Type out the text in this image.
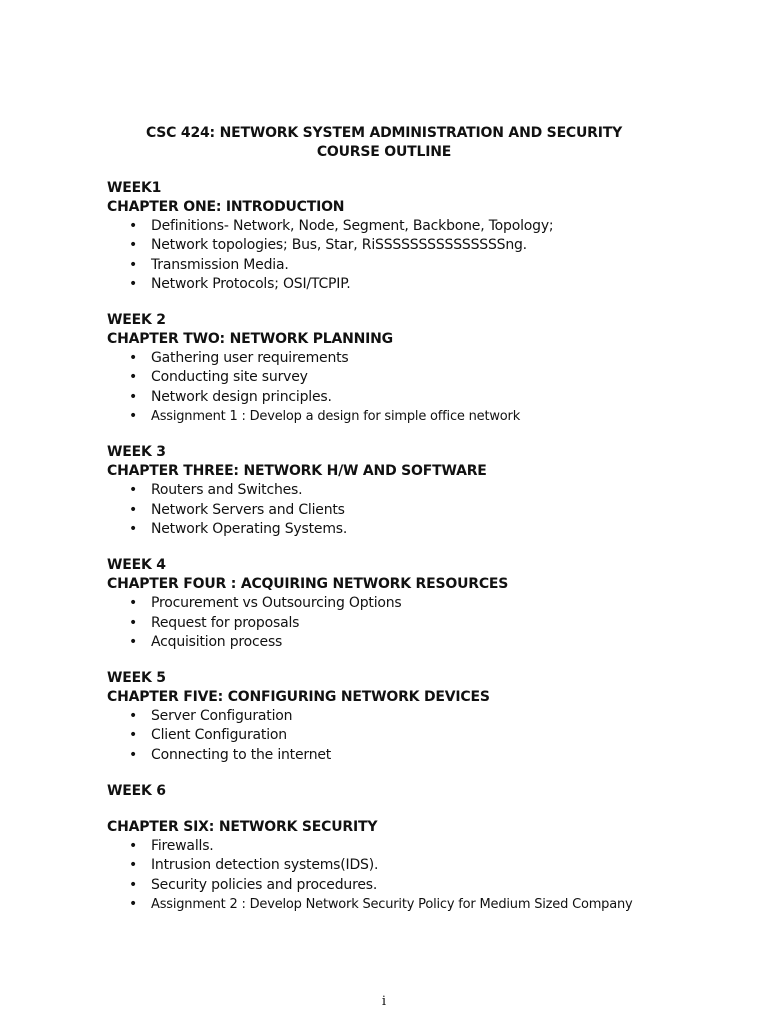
CSC 424: NETWORK SYSTEM ADMINISTRATION AND SECURITY
COURSE OUTLINE
WEEK1
CHAPTER ONE: INTRODUCTION
• Definitions- Network, Node, Segment, Backbone, Topology;
• Network topologies; Bus, Star, RiSSSSSSSSSSSSSSSng.
• Transmission Media.
• Network Protocols; OSI/TCPIP.
WEEK 2
CHAPTER TWO: NETWORK PLANNING
• Gathering user requirements
• Conducting site survey
• Network design principles.
• Assignment 1 : Develop a design for simple office network
WEEK 3
CHAPTER THREE: NETWORK H/W AND SOFTWARE
• Routers and Switches.
• Network Servers and Clients
• Network Operating Systems.
WEEK 4
CHAPTER FOUR : ACQUIRING NETWORK RESOURCES
• Procurement vs Outsourcing Options
• Request for proposals
• Acquisition process
WEEK 5
CHAPTER FIVE: CONFIGURING NETWORK DEVICES
• Server Configuration
• Client Configuration
• Connecting to the internet
WEEK 6
CHAPTER SIX: NETWORK SECURITY
• Firewalls.
• Intrusion detection systems(IDS).
• Security policies and procedures.
• Assignment 2 : Develop Network Security Policy for Medium Sized Company
i
